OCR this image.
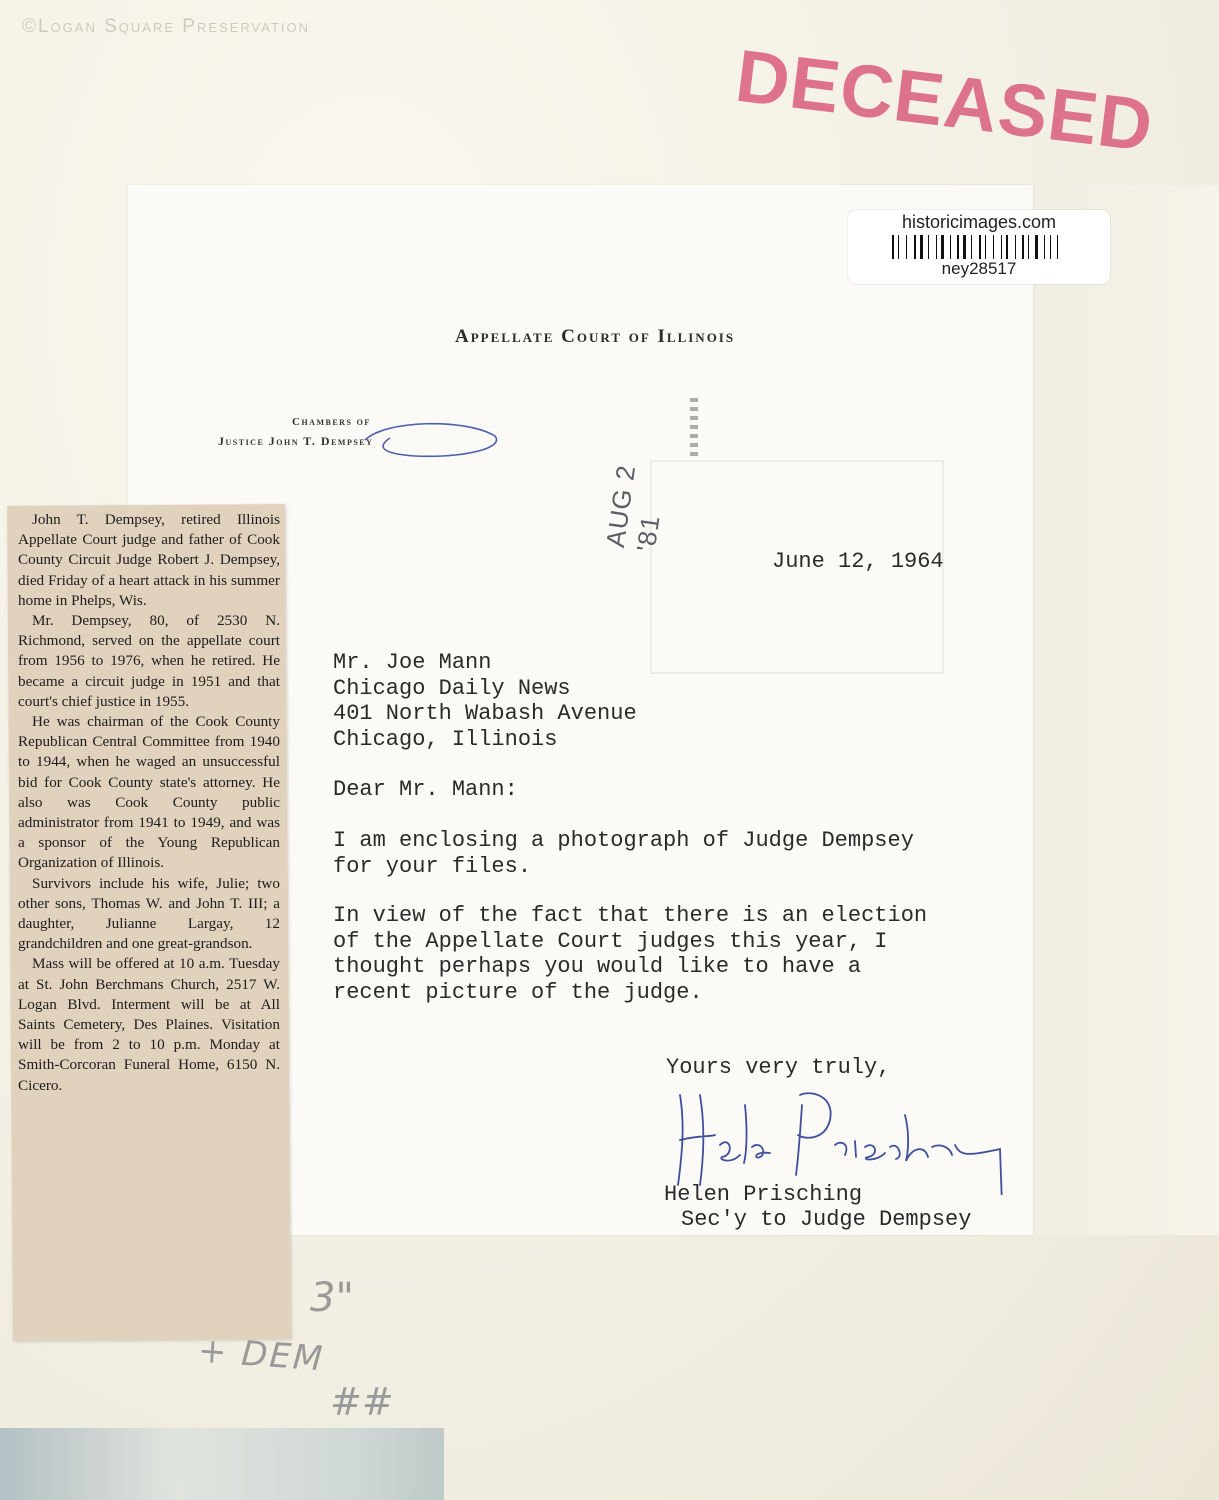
©Logan Square Preservation
DECEASED
historicimages.com
ney28517
Appellate Court of Illinois
Chambers of
Justice John T. Dempsey
AUG 2 '81
June 12, 1964
Mr. Joe Mann
Chicago Daily News
401 North Wabash Avenue
Chicago, Illinois
Dear Mr. Mann:
I am enclosing a photograph of Judge Dempsey
for your files.
In view of the fact that there is an election
of the Appellate Court judges this year, I
thought perhaps you would like to have a
recent picture of the judge.
Yours very truly,
Helen Prisching
Sec'y to Judge Dempsey

John T. Dempsey, retired Illinois Appellate Court judge and father of Cook County Circuit Judge Robert J. Dempsey, died Friday of a heart attack in his summer home in Phelps, Wis.

Mr. Dempsey, 80, of 2530 N. Richmond, served on the appellate court from 1956 to 1976, when he retired. He became a circuit judge in 1951 and that court's chief justice in 1955.

He was chairman of the Cook County Republican Central Committee from 1940 to 1944, when he waged an unsuccessful bid for Cook County state's attorney. He also was Cook County public administrator from 1941 to 1949, and was a sponsor of the Young Republican Organization of Illinois.

Survivors include his wife, Julie; two other sons, Thomas W. and John T. III; a daughter, Julianne Largay, 12 grandchildren and one great-grandson.

Mass will be offered at 10 a.m. Tuesday at St. John Berchmans Church, 2517 W. Logan Blvd. Interment will be at All Saints Cemetery, Des Plaines. Visitation will be from 2 to 10 p.m. Monday at Smith-Corcoran Funeral Home, 6150 N. Cicero.

3"
+ DEM
##
